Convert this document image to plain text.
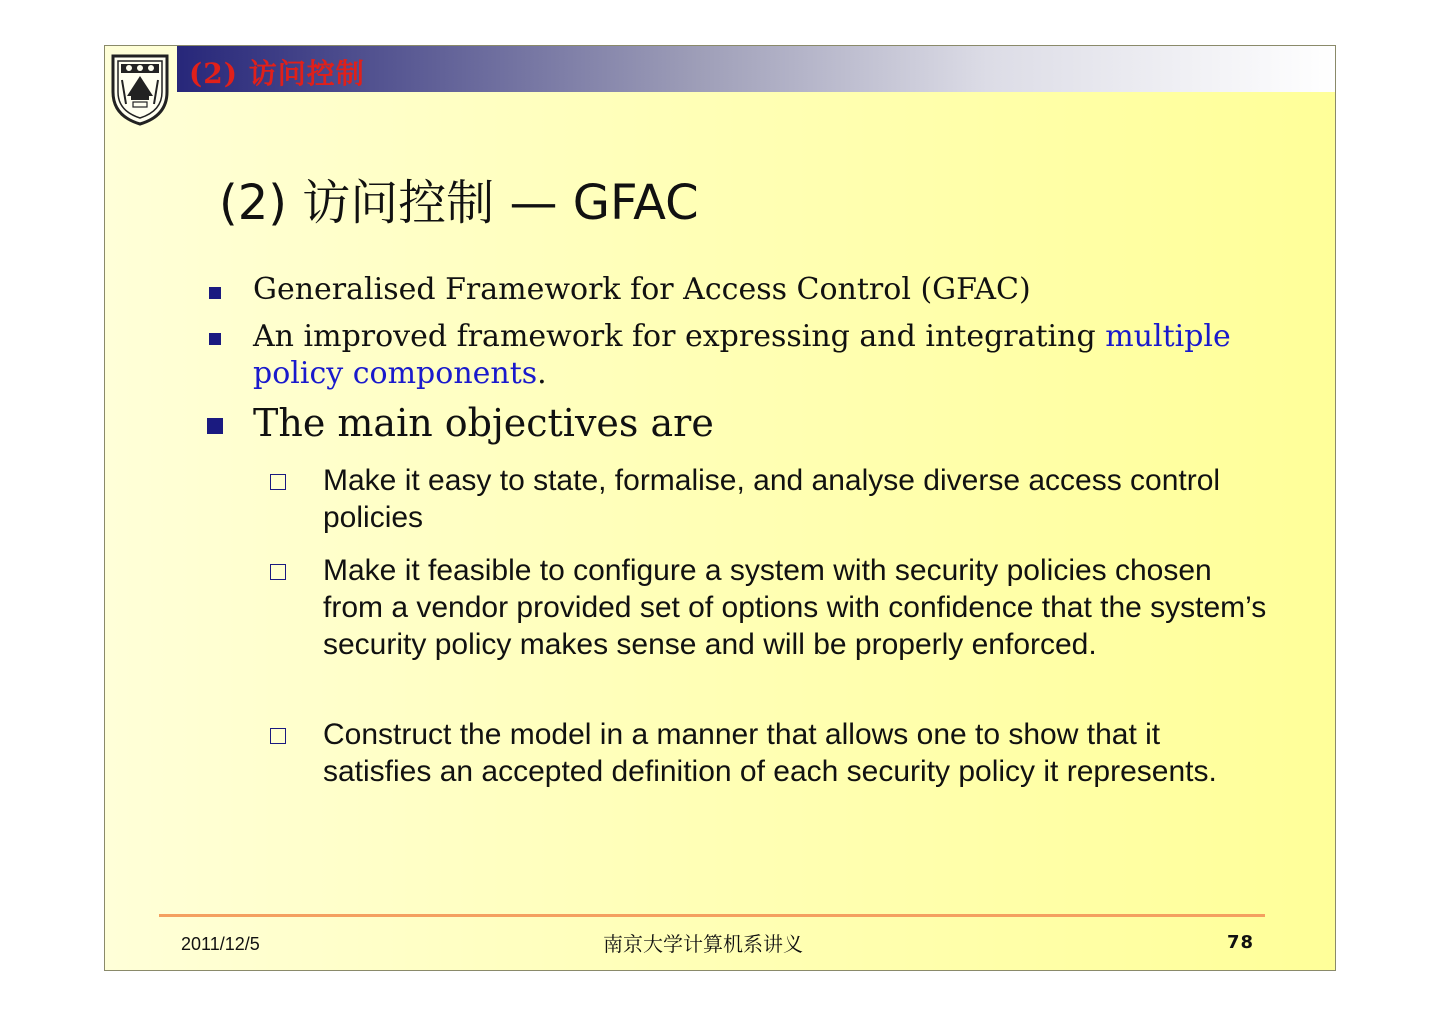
(2) 访问控制
(2) 访问控制 — GFAC
Generalised Framework for Access Control (GFAC)
An improved framework for expressing and integrating multiple policy components.
The main objectives are
Make it easy to state, formalise, and analyse diverse access control policies
Make it feasible to configure a system with security policies chosen from a vendor provided set of options with confidence that the system’s security policy makes sense and will be properly enforced.
Construct the model in a manner that allows one to show that it satisfies an accepted definition of each security policy it represents.
2011/12/5	南京大学计算机系讲义	78
